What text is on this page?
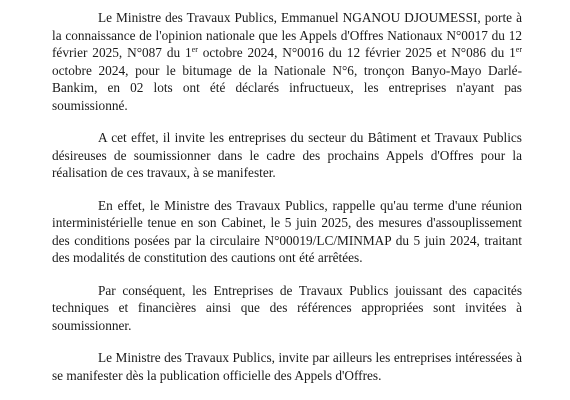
Le Ministre des Travaux Publics, Emmanuel NGANOU DJOUMESSI, porte à la connaissance de l'opinion nationale que les Appels d'Offres Nationaux N°0017 du 12 février 2025, N°087 du 1er octobre 2024, N°0016 du 12 février 2025 et N°086 du 1er octobre 2024, pour le bitumage de la Nationale N°6, tronçon Banyo-Mayo Darlé-Bankim, en 02 lots ont été déclarés infructueux, les entreprises n'ayant pas soumissionné.

A cet effet, il invite les entreprises du secteur du Bâtiment et Travaux Publics désireuses de soumissionner dans le cadre des prochains Appels d'Offres pour la réalisation de ces travaux, à se manifester.

En effet, le Ministre des Travaux Publics, rappelle qu'au terme d'une réunion interministérielle tenue en son Cabinet, le 5 juin 2025, des mesures d'assouplissement des conditions posées par la circulaire N°00019/LC/MINMAP du 5 juin 2024, traitant des modalités de constitution des cautions ont été arrêtées.

Par conséquent, les Entreprises de Travaux Publics jouissant des capacités techniques et financières ainsi que des références appropriées sont invitées à soumissionner.

Le Ministre des Travaux Publics, invite par ailleurs les entreprises intéressées à se manifester dès la publication officielle des Appels d'Offres.
